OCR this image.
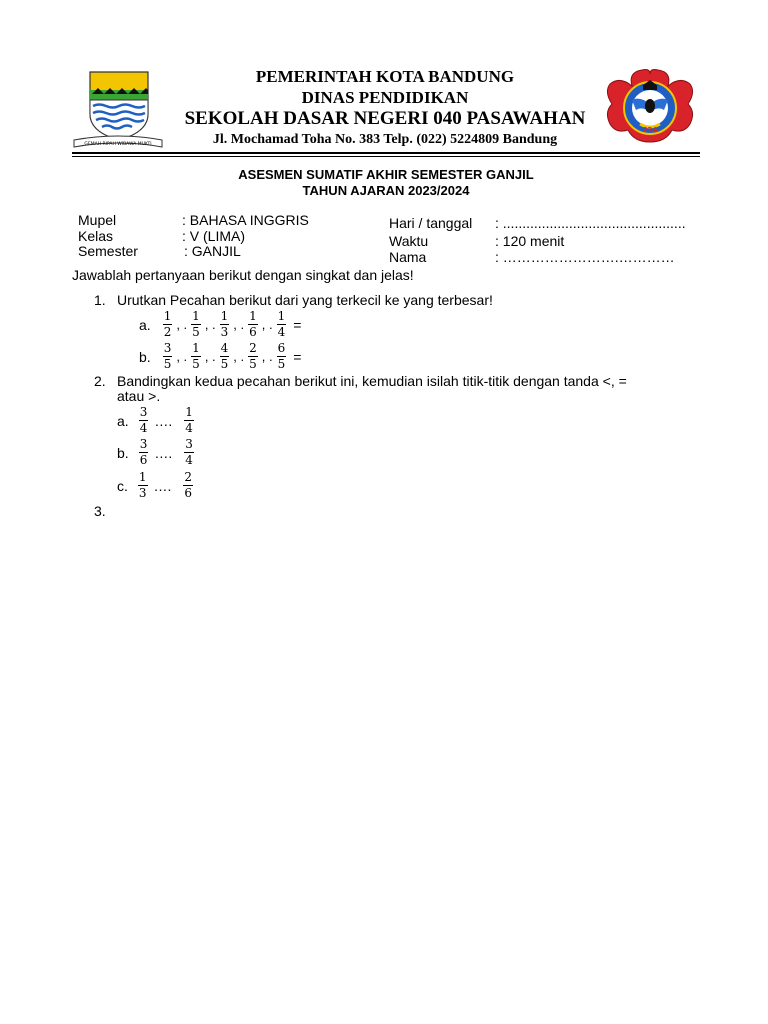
GEMAH RIPAH WIBAWA MUKTI
234
PEMERINTAH KOTA BANDUNG
DINAS PENDIDIKAN
SEKOLAH DASAR NEGERI 040 PASAWAHAN
Jl. Mochamad Toha No. 383 Telp. (022) 5224809 Bandung
ASESMEN SUMATIF AKHIR SEMESTER GANJIL
TAHUN AJARAN 2023/2024
Mupel	: BAHASA INGGRIS
Kelas	: V (LIMA)
Semester	: GANJIL
Hari / tanggal : ...............................................
Waktu	: 120 menit
Nama	: …………………….…………
Jawablah pertanyaan berikut dengan singkat dan jelas!
1. Urutkan Pecahan berikut dari yang terkecil ke yang terbesar!
a. $\frac{1}{2}$ , . $\frac{1}{5}$ , . $\frac{1}{3}$ , . $\frac{1}{6}$ , . $\frac{1}{4}$ =
b. $\frac{3}{5}$ , . $\frac{1}{5}$ , . $\frac{4}{5}$ , . $\frac{2}{5}$ , . $\frac{6}{5}$ =
2. Bandingkan kedua pecahan berikut ini, kemudian isilah titik-titik dengan tanda <, =
atau >.
a. $\frac{3}{4}$ …. $\frac{1}{4}$
b. $\frac{3}{6}$ …. $\frac{3}{4}$
c. $\frac{1}{3}$ …. $\frac{2}{6}$
3.
